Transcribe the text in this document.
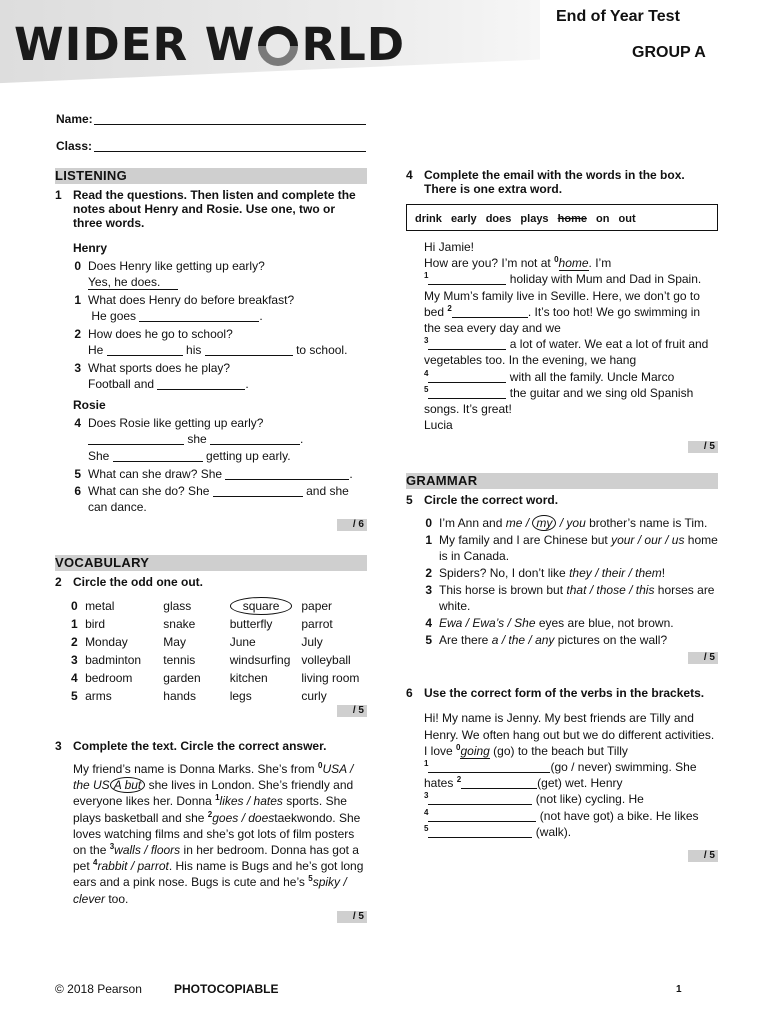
WIDER W RLD
End of Year Test
GROUP A
Name:
Class:
LISTENING
1 Read the questions. Then listen and complete the notes about Henry and Rosie. Use one, two or three words.
Henry
0 Does Henry like getting up early?
Yes, he does.
1 What does Henry do before breakfast?
He goes	.
2 How does he go to school?
He	his	to school.
3 What sports does he play?
Football and	.
Rosie
4 Does Rosie like getting up early?
she	.
She	getting up early.
5 What can she draw? She	.
6 What can she do? She	and she can dance.
/ 6
VOCABULARY
2 Circle the odd one out.
0	metal	glass	square	paper
1	bird	snake	butterfly	parrot
2	Monday	May	June	July
3	badminton	tennis	windsurfing	volleyball
4	bedroom	garden	kitchen	living room
5	arms	hands	legs	curly
/ 5
3 Complete the text. Circle the correct answer.
My friend’s name is Donna Marks. She’s from $^0$USA / the US A but she lives in London. She’s friendly and everyone likes her. Donna $^1$likes / hates sports. She plays basketball and she $^2$goes / doestaekwondo. She loves watching films and she’s got lots of film posters on the $^3$walls / floors in her bedroom. Donna has got a pet $^4$rabbit / parrot. His name is Bugs and he’s got long ears and a pink nose. Bugs is cute and he’s $^5$spiky / clever too.
/ 5
4 Complete the email with the words in the box. There is one extra word.
drink early does plays home on out
Hi Jamie!
How are you? I’m not at $^0$home. I’m
$^1$	holiday with Mum and Dad in Spain. My Mum’s family live in Seville. Here, we don’t go to bed $^2$	. It’s too hot! We go swimming in the sea every day and we
$^3$	a lot of water. We eat a lot of fruit and vegetables too. In the evening, we hang
$^4$	with all the family. Uncle Marco
$^5$	the guitar and we sing old Spanish songs. It’s great!
Lucia
/ 5
GRAMMAR
5 Circle the correct word.
0 I’m Ann and me / my / you brother’s name is Tim.
1 My family and I are Chinese but your / our / us home is in Canada.
2 Spiders? No, I don’t like they / their / them!
3 This horse is brown but that / those / this horses are white.
4 Ewa / Ewa’s / She eyes are blue, not brown.
5 Are there a / the / any pictures on the wall?
/ 5
6 Use the correct form of the verbs in the brackets.
Hi! My name is Jenny. My best friends are Tilly and Henry. We often hang out but we do different activities.
I love $^0$going (go) to the beach but Tilly
$^1$	(go / never) swimming. She
hates $^2$	(get) wet. Henry
$^3$	(not like) cycling. He
$^4$	(not have got) a bike. He likes
$^5$	(walk).
/ 5
© 2018 Pearson	PHOTOCOPIABLE	1
